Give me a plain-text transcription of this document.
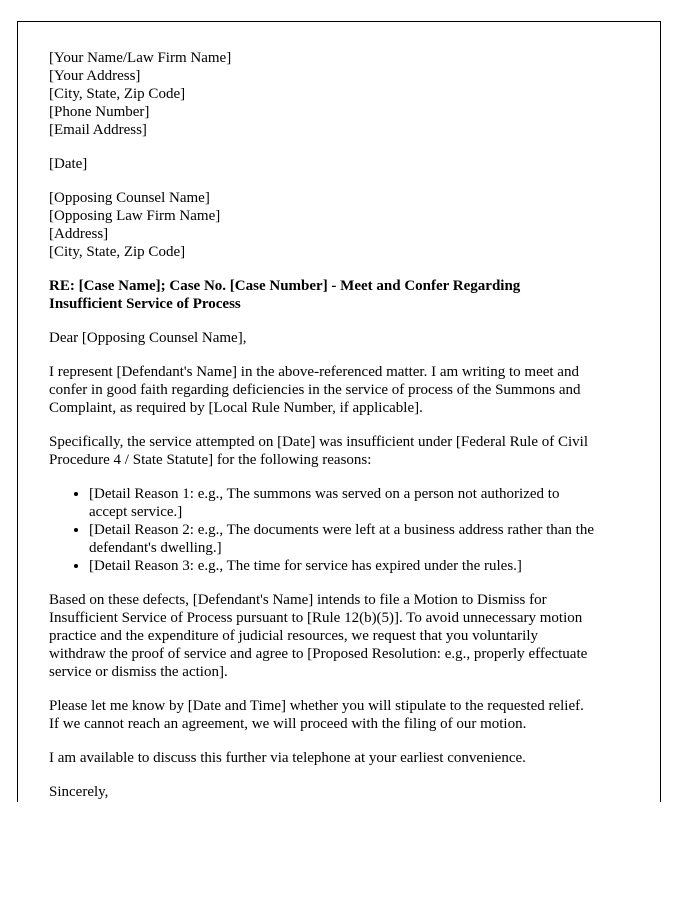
[Your Name/Law Firm Name]
[Your Address]
[City, State, Zip Code]
[Phone Number]
[Email Address]
[Date]
[Opposing Counsel Name]
[Opposing Law Firm Name]
[Address]
[City, State, Zip Code]
RE: [Case Name]; Case No. [Case Number] - Meet and Confer Regarding
Insufficient Service of Process

Dear [Opposing Counsel Name],

I represent [Defendant's Name] in the above-referenced matter. I am writing to meet and
confer in good faith regarding deficiencies in the service of process of the Summons and
Complaint, as required by [Local Rule Number, if applicable].

Specifically, the service attempted on [Date] was insufficient under [Federal Rule of Civil
Procedure 4 / State Statute] for the following reasons:

• [Detail Reason 1: e.g., The summons was served on a person not authorized to
accept service.]
• [Detail Reason 2: e.g., The documents were left at a business address rather than the
defendant's dwelling.]
• [Detail Reason 3: e.g., The time for service has expired under the rules.]

Based on these defects, [Defendant's Name] intends to file a Motion to Dismiss for
Insufficient Service of Process pursuant to [Rule 12(b)(5)]. To avoid unnecessary motion
practice and the expenditure of judicial resources, we request that you voluntarily
withdraw the proof of service and agree to [Proposed Resolution: e.g., properly effectuate
service or dismiss the action].

Please let me know by [Date and Time] whether you will stipulate to the requested relief.
If we cannot reach an agreement, we will proceed with the filing of our motion.

I am available to discuss this further via telephone at your earliest convenience.

Sincerely,
